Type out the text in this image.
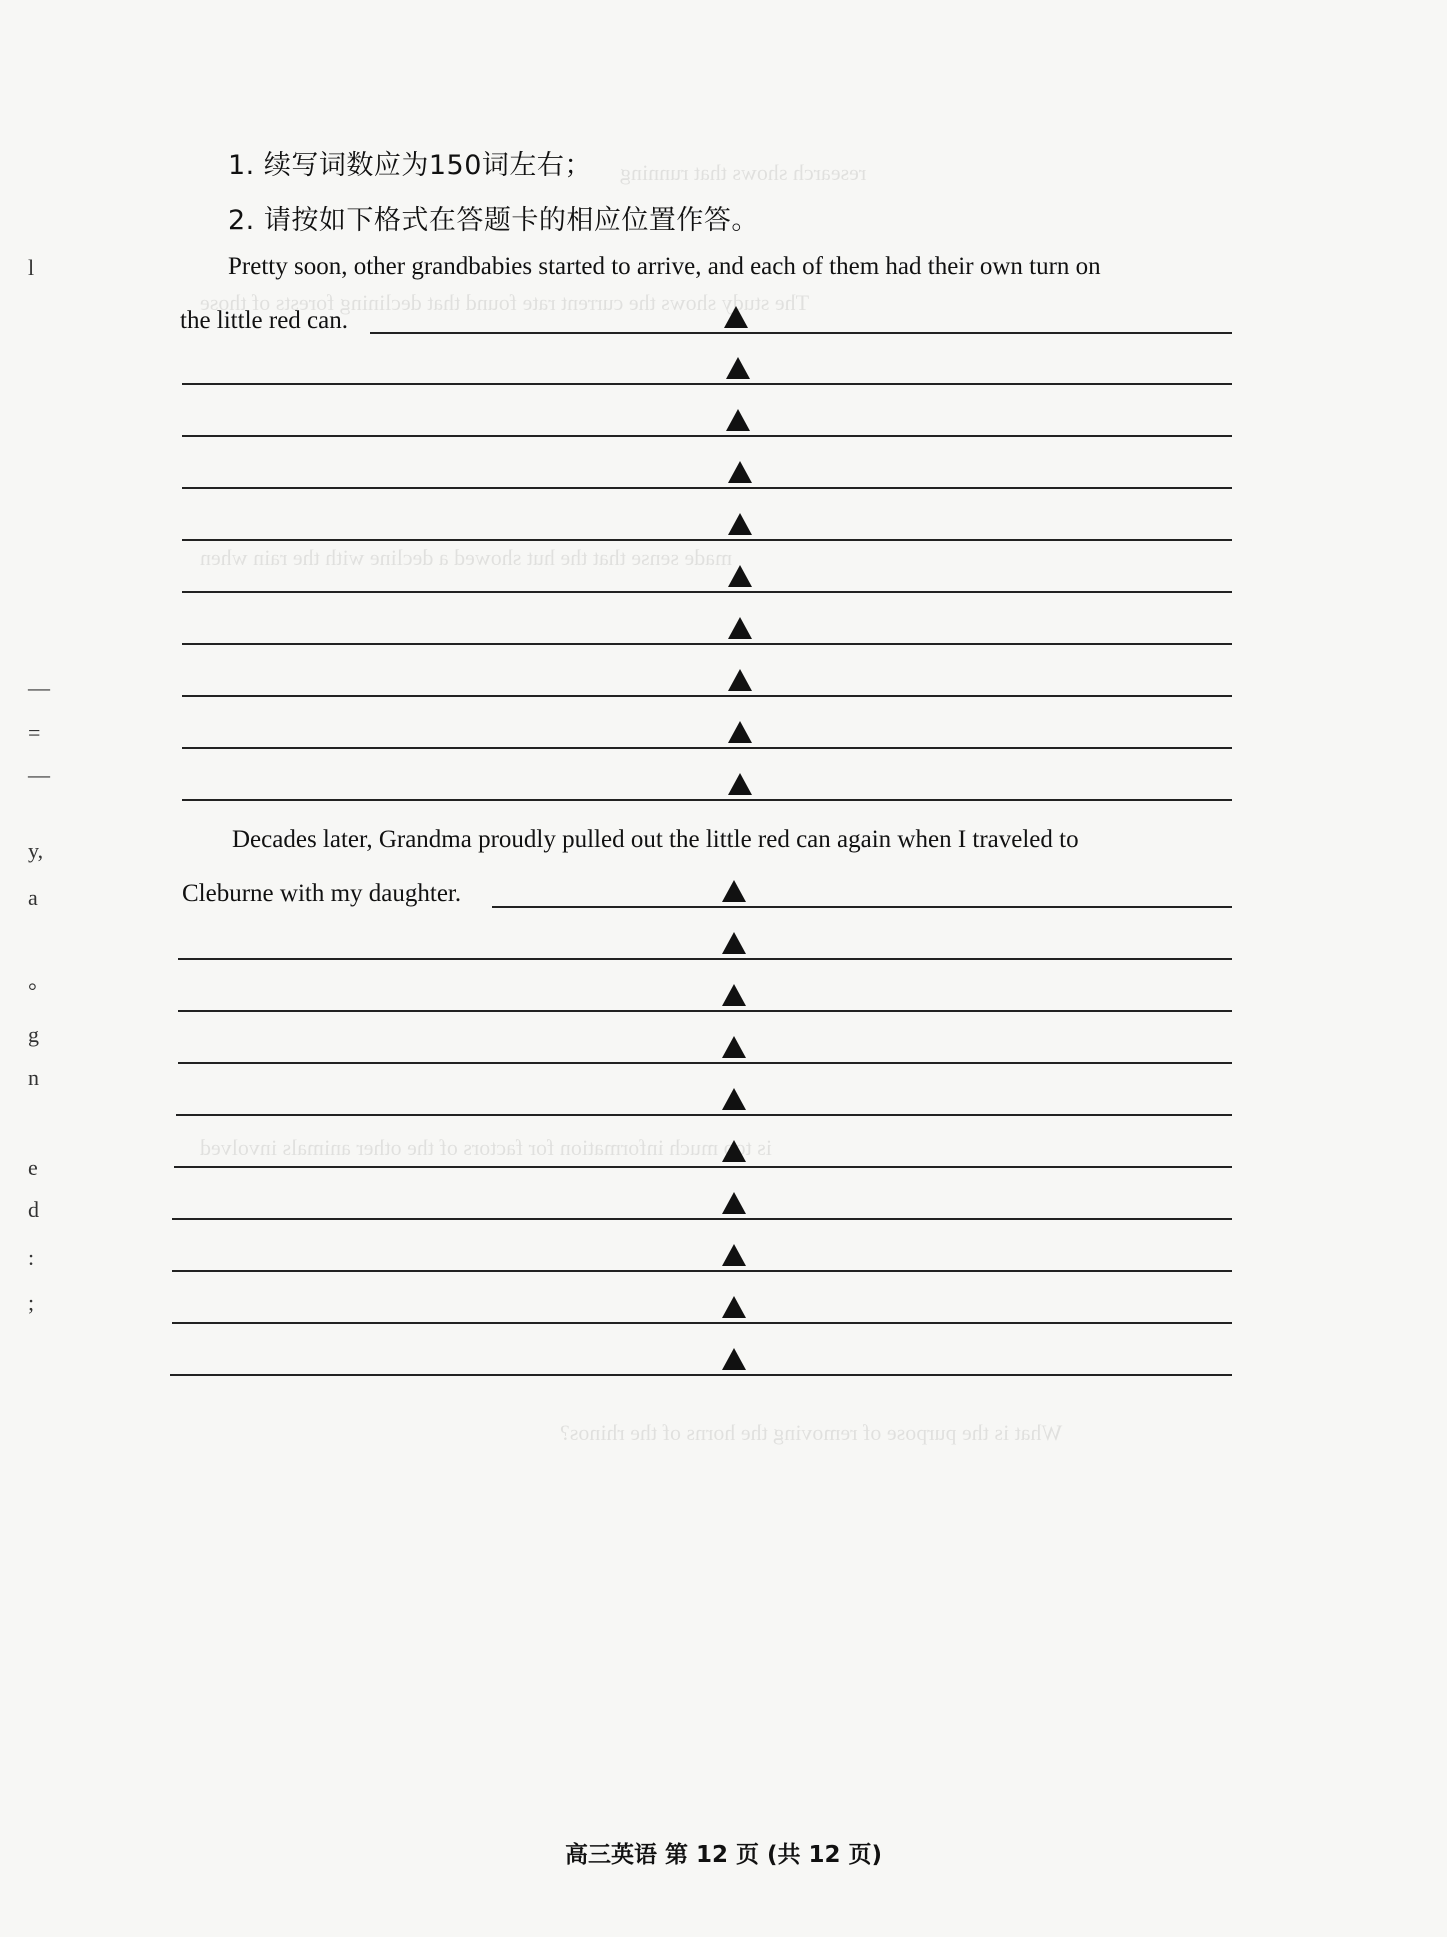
research shows that running
The study shows the current rate found that declining forests of those
made sense that the hut showed a decline with the rain when
is too much information for factors of the other animals involved
What is the purpose of removing the horns of the rhinos?
l
—
=
—
y,
a
°
g
n
e
d
:
;
1. 续写词数应为150词左右；
2. 请按如下格式在答题卡的相应位置作答。
Pretty soon, other grandbabies started to arrive, and each of them had their own turn on
the little red can.
Decades later, Grandma proudly pulled out the little red can again when I traveled to
Cleburne with my daughter.
高三英语 第 12 页 (共 12 页)
